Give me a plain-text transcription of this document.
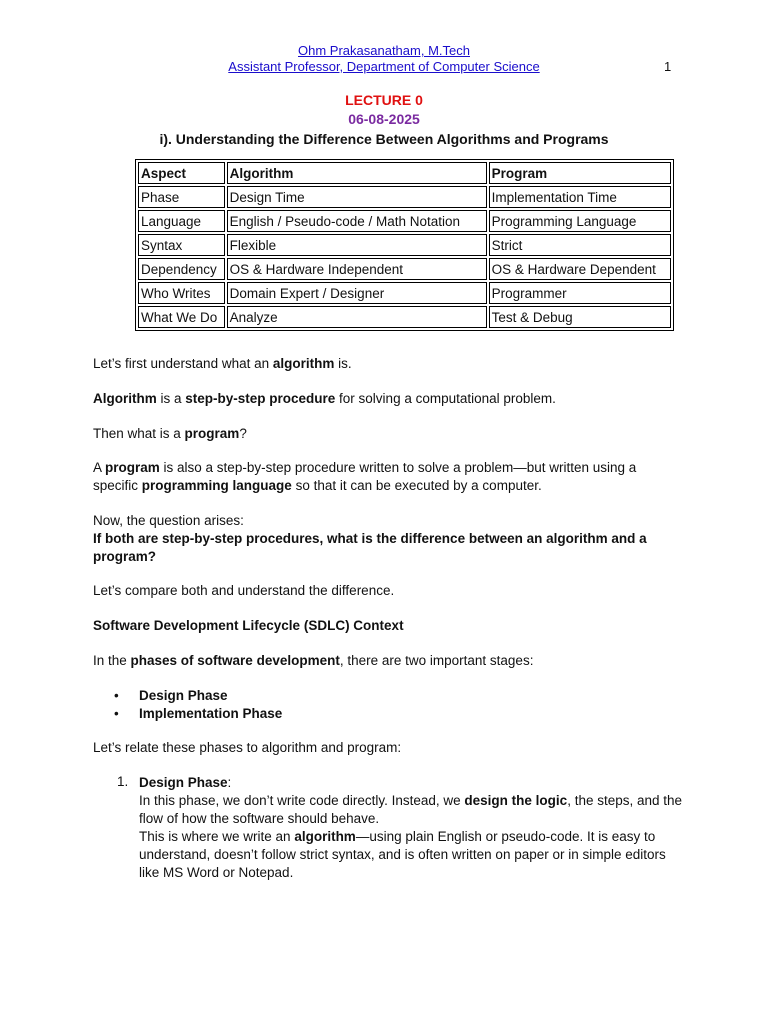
Ohm Prakasanatham, M.Tech
Assistant Professor, Department of Computer Science	1
LECTURE 0
06-08-2025
i). Understanding the Difference Between Algorithms and Programs
Aspect	Algorithm	Program
Phase	Design Time	Implementation Time
Language	English / Pseudo-code / Math Notation	Programming Language
Syntax	Flexible	Strict
Dependency	OS & Hardware Independent	OS & Hardware Dependent
Who Writes	Domain Expert / Designer	Programmer
What We Do	Analyze	Test & Debug

Let’s first understand what an algorithm is.

Algorithm is a step-by-step procedure for solving a computational problem.

Then what is a program?

A program is also a step-by-step procedure written to solve a problem—but written using a specific programming language so that it can be executed by a computer.

Now, the question arises:

If both are step-by-step procedures, what is the difference between an algorithm and a program?

Let’s compare both and understand the difference.

Software Development Lifecycle (SDLC) Context

In the phases of software development, there are two important stages:

• Design Phase
• Implementation Phase

Let’s relate these phases to algorithm and program:

1. Design Phase:

In this phase, we don’t write code directly. Instead, we design the logic, the steps, and the flow of how the software should behave.

This is where we write an algorithm—using plain English or pseudo-code. It is easy to understand, doesn’t follow strict syntax, and is often written on paper or in simple editors like MS Word or Notepad.
